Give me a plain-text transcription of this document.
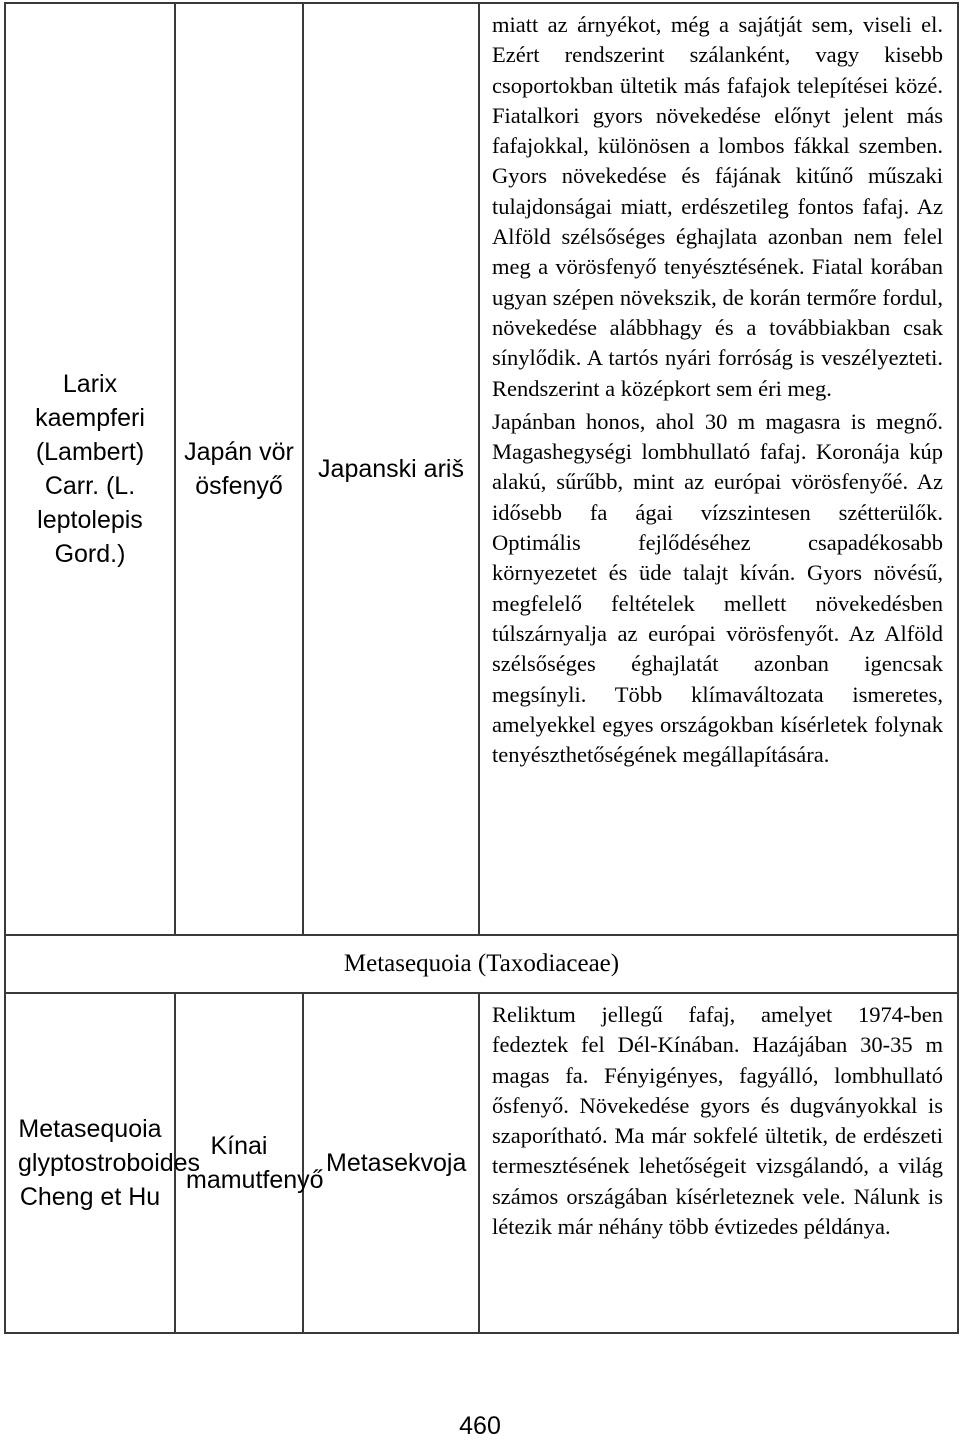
Larix kaempferi (Lambert) Carr. (L. leptolepis Gord.)	Japán vörösfenyő	Japanski ariš	miatt az árnyékot, még a sajátját sem, viseli el. Ezért rendszerint szálanként, vagy kisebb csoportokban ültetik más fafajok telepítései közé. Fiatalkori gyors növekedése előnyt jelent más fafajokkal, különösen a lombos fákkal szemben. Gyors növekedése és fájának kitűnő műszaki tulajdonságai miatt, erdészetileg fontos fafaj. Az Alföld szélsőséges éghajlata azonban nem felel meg a vörösfenyő tenyésztésének. Fiatal korában ugyan szépen növekszik, de korán termőre fordul, növekedése alábbhagy és a továbbiakban csak sínylődik. A tartós nyári forróság is veszélyezteti. Rendszerint a középkort sem éri meg.

Japánban honos, ahol 30 m magasra is megnő. Magashegységi lombhullató fafaj. Koronája kúp alakú, sűrűbb, mint az európai vörösfenyőé. Az idősebb fa ágai vízszintesen szétterülők. Optimális fejlődéséhez csapadékosabb környezetet és üde talajt kíván. Gyors növésű, megfelelő feltételek mellett növekedésben túlszárnyalja az európai vörösfenyőt. Az Alföld szélsőséges éghajlatát azonban igencsak megsínyli. Több klímaváltozata ismeretes, amelyekkel egyes országokban kísérletek folynak tenyészthetőségének megállapítására.

Metasequoia (Taxodiaceae)			
Metasequoia glyptostroboides Cheng et Hu	Kínai mamutfenyő	Metasekvoja	Reliktum jellegű fafaj, amelyet 1974-ben fedeztek fel Dél-Kínában. Hazájában 30-35 m magas fa. Fényigényes, fagyálló, lombhullató ősfenyő. Növekedése gyors és dugványokkal is szaporítható. Ma már sokfelé ültetik, de erdészeti termesztésének lehetőségeit vizsgálandó, a világ számos országában kísérleteznek vele. Nálunk is létezik már néhány több évtizedes példánya.

460
